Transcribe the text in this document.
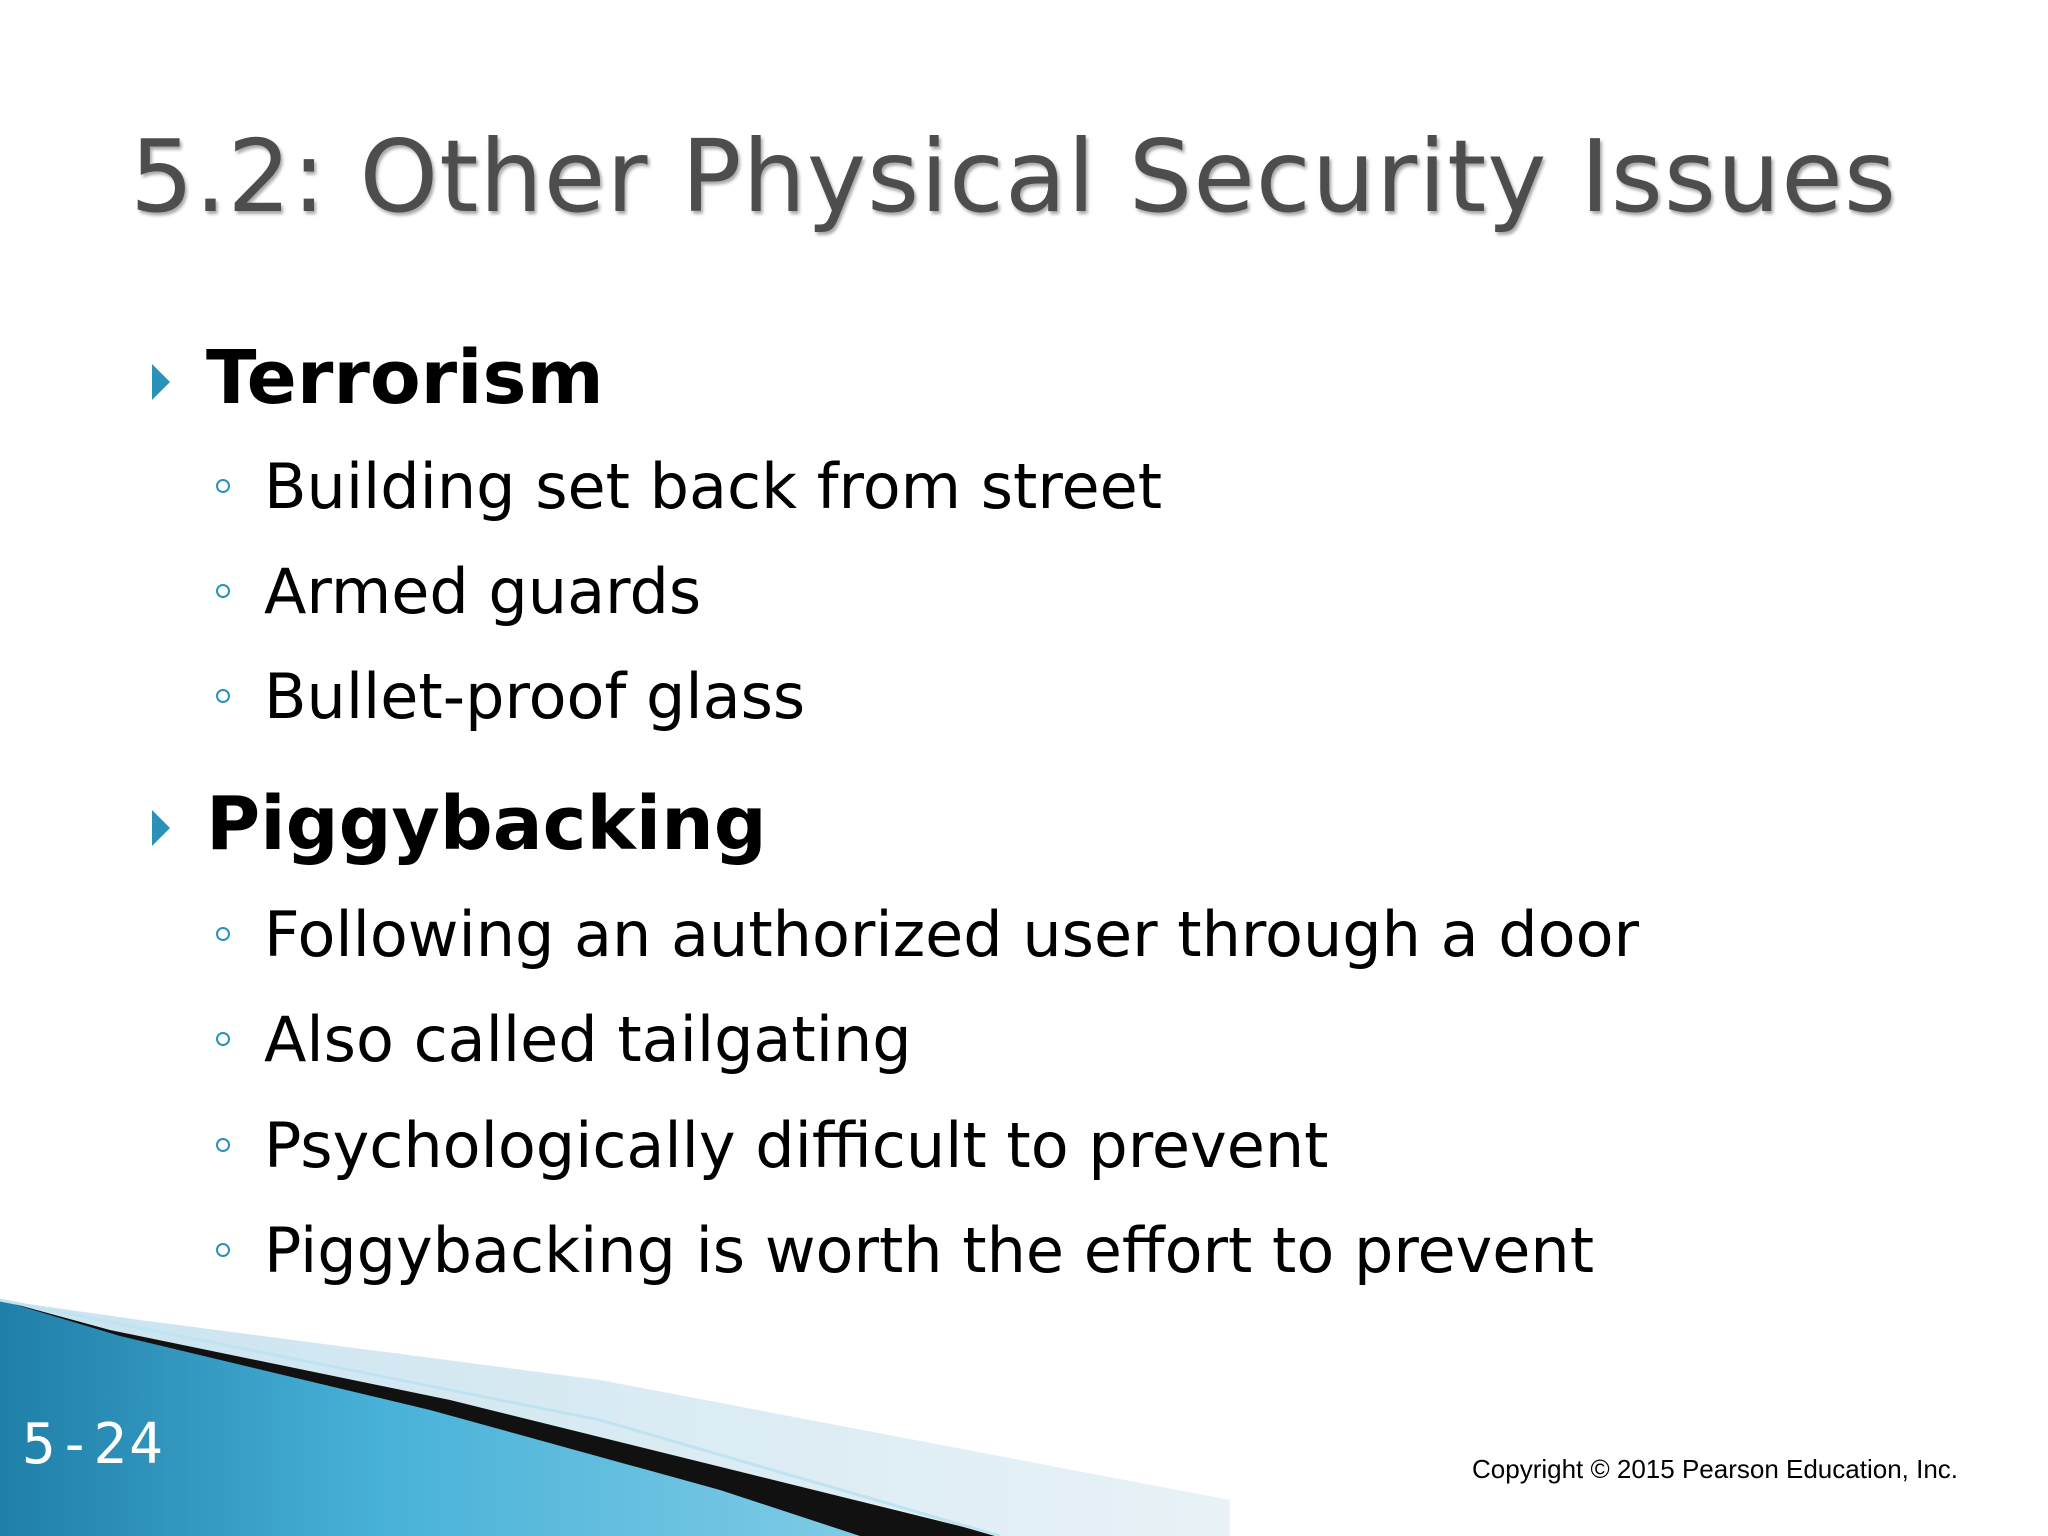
5.2: Other Physical Security Issues
Terrorism
Building set back from street
Armed guards
Bullet-proof glass
Piggybacking
Following an authorized user through a door
Also called tailgating
Psychologically difficult to prevent
Piggybacking is worth the effort to prevent
5-24	Copyright © 2015 Pearson Education, Inc.
